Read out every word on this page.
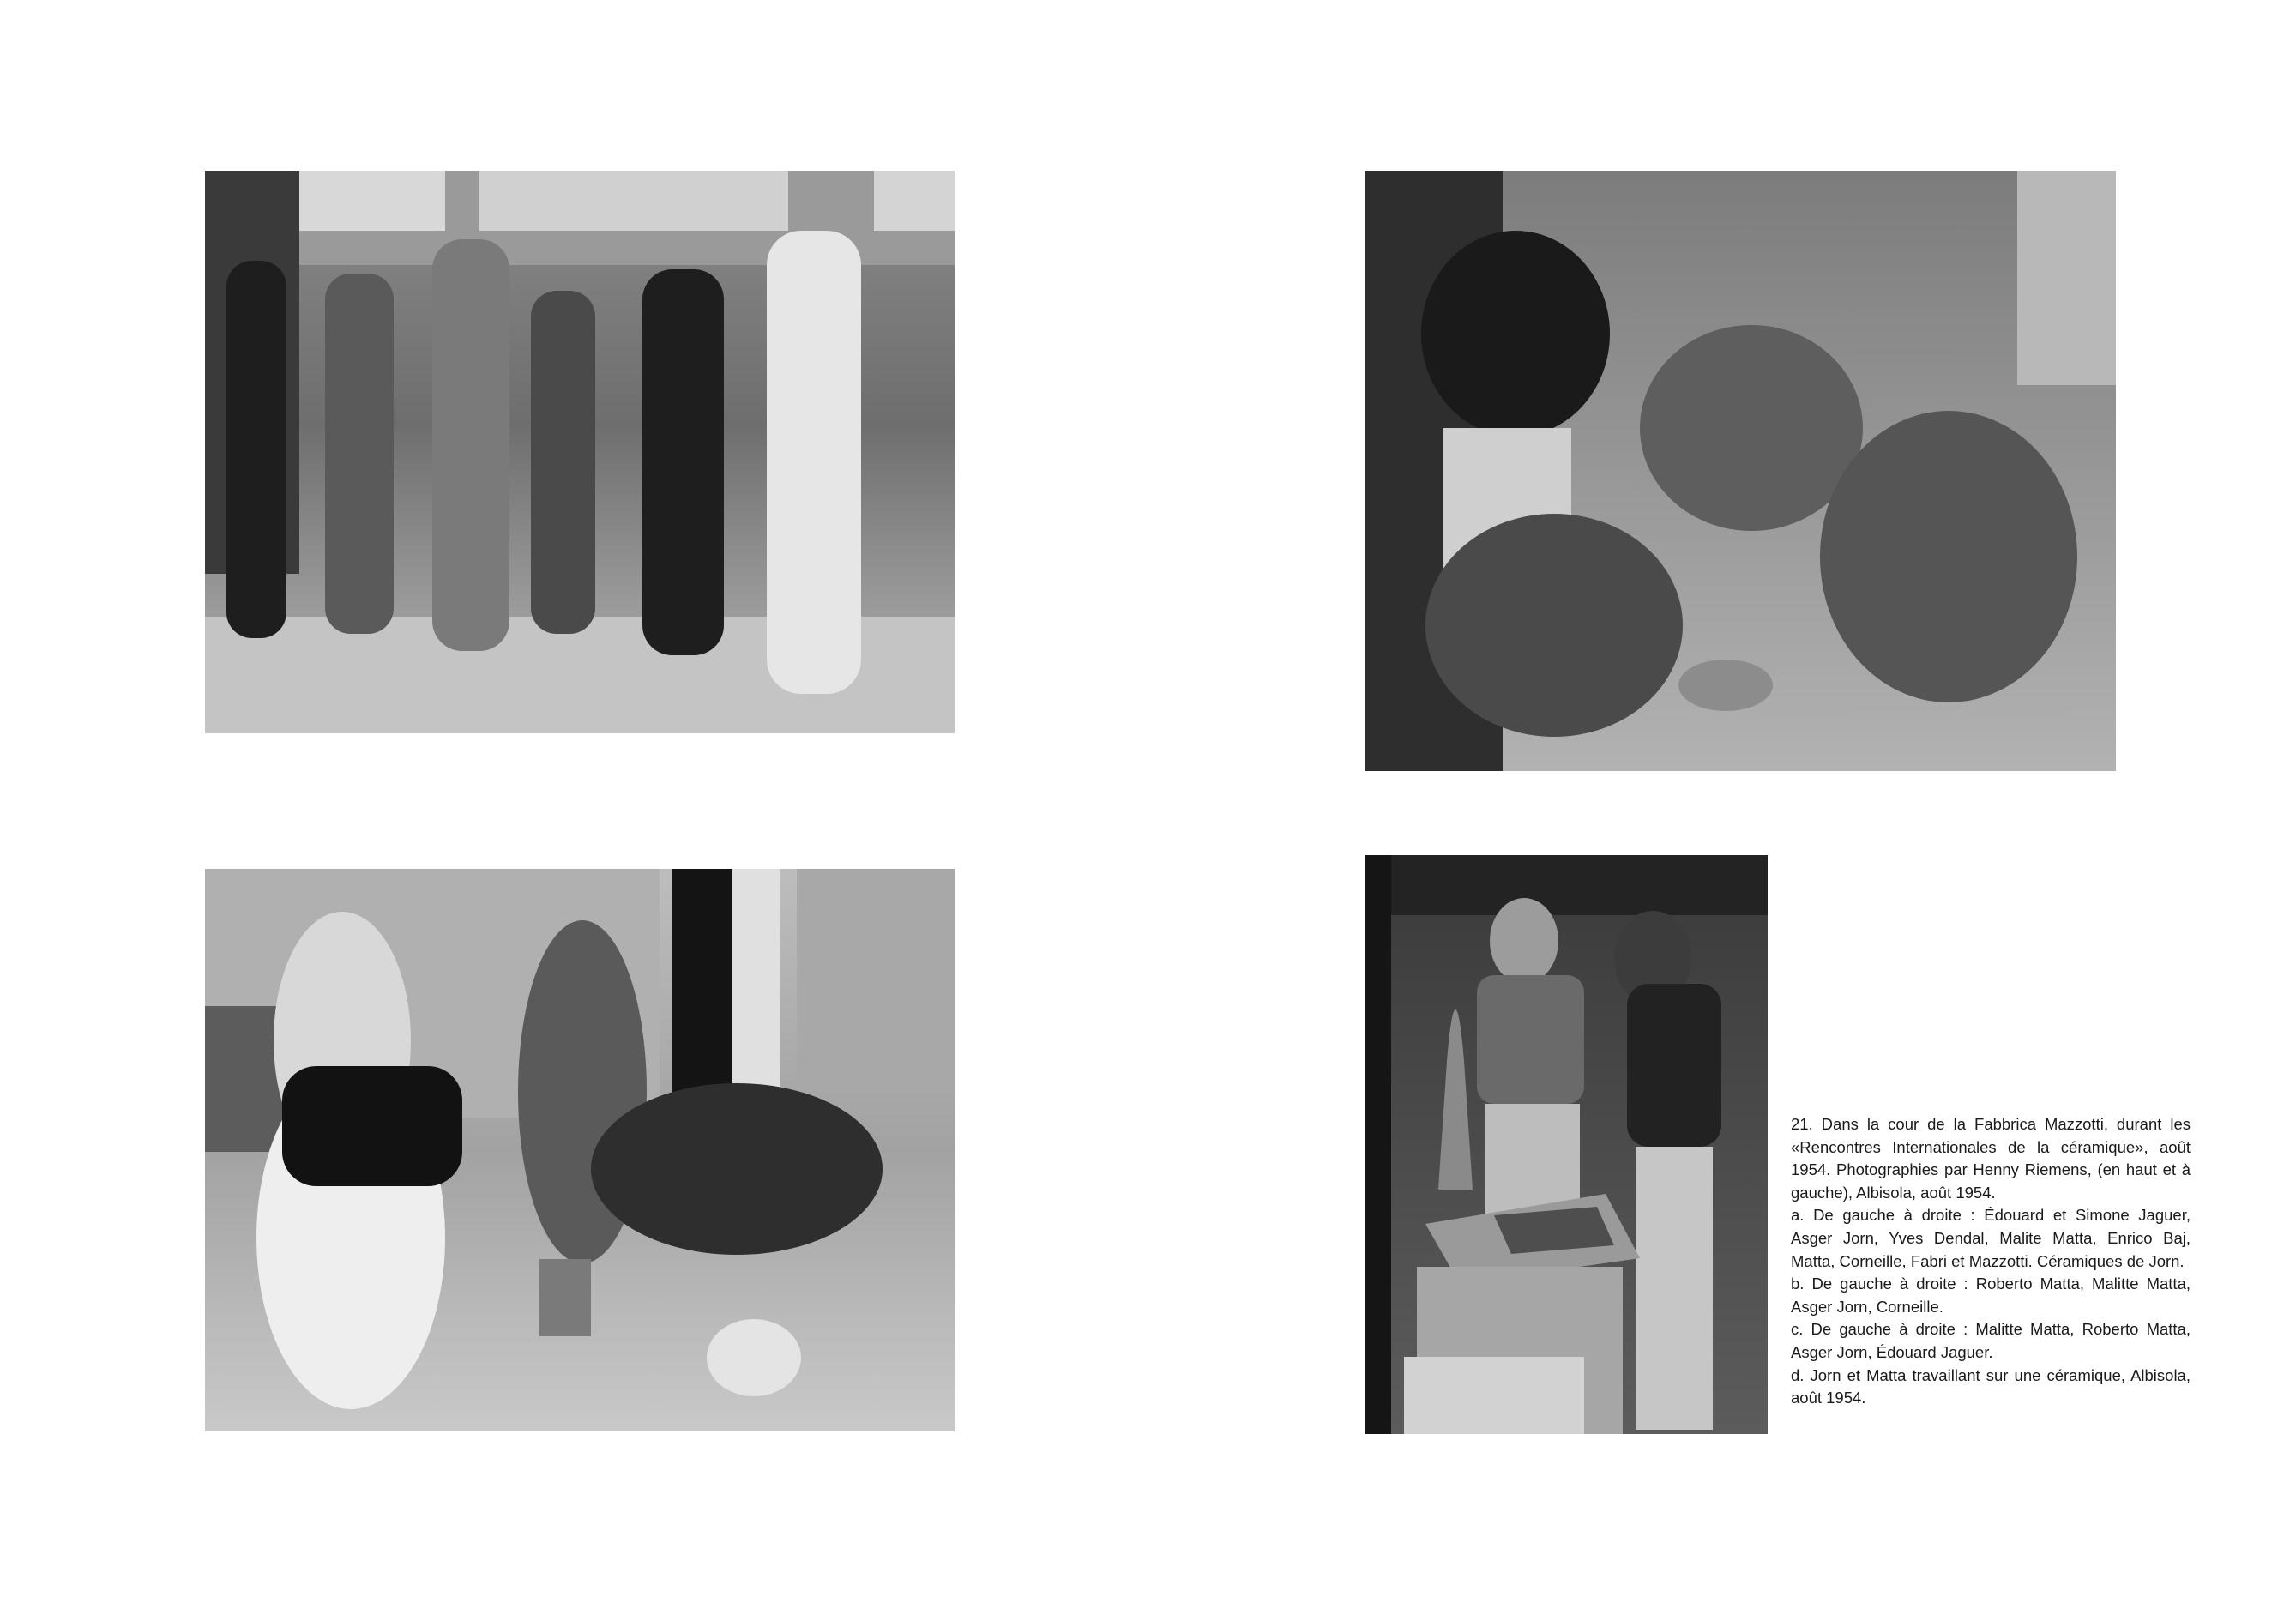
21. Dans la cour de la Fabbrica Mazzotti, durant les «Rencontres Internationales de la céramique», août 1954. Photographies par Henny Riemens, (en haut et à gauche), Albisola, août 1954.

a. De gauche à droite : Édouard et Simone Jaguer, Asger Jorn, Yves Dendal, Malite Matta, Enrico Baj, Matta, Corneille, Fabri et Mazzotti. Céramiques de Jorn.

b. De gauche à droite : Roberto Matta, Malitte Matta, Asger Jorn, Corneille.

c. De gauche à droite : Malitte Matta, Roberto Matta, Asger Jorn, Édouard Jaguer.

d. Jorn et Matta travaillant sur une céramique, Albisola, août 1954.
